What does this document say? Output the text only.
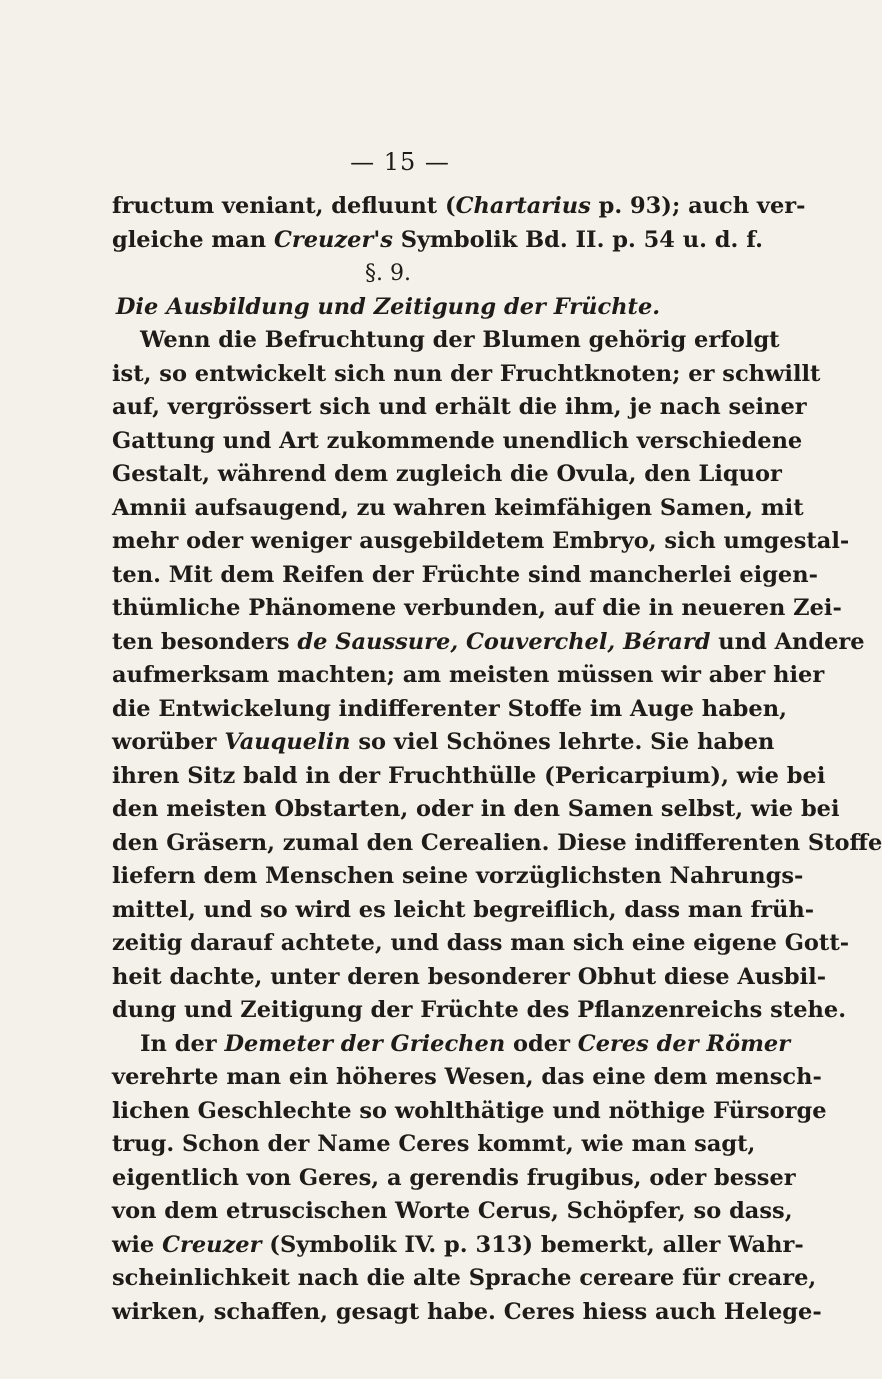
— 15 —
fructum veniant, defluunt (Chartarius p. 93); auch ver-
gleiche man Creuzer's Symbolik Bd. II. p. 54 u. d. f.
§. 9.
Die Ausbildung und Zeitigung der Früchte.
Wenn die Befruchtung der Blumen gehörig erfolgt
ist, so entwickelt sich nun der Fruchtknoten; er schwillt
auf, vergrössert sich und erhält die ihm, je nach seiner
Gattung und Art zukommende unendlich verschiedene
Gestalt, während dem zugleich die Ovula, den Liquor
Amnii aufsaugend, zu wahren keimfähigen Samen, mit
mehr oder weniger ausgebildetem Embryo, sich umgestal-
ten. Mit dem Reifen der Früchte sind mancherlei eigen-
thümliche Phänomene verbunden, auf die in neueren Zei-
ten besonders de Saussure, Couverchel, Bérard und Andere
aufmerksam machten; am meisten müssen wir aber hier
die Entwickelung indifferenter Stoffe im Auge haben,
worüber Vauquelin so viel Schönes lehrte. Sie haben
ihren Sitz bald in der Fruchthülle (Pericarpium), wie bei
den meisten Obstarten, oder in den Samen selbst, wie bei
den Gräsern, zumal den Cerealien. Diese indifferenten Stoffe
liefern dem Menschen seine vorzüglichsten Nahrungs-
mittel, und so wird es leicht begreiflich, dass man früh-
zeitig darauf achtete, und dass man sich eine eigene Gott-
heit dachte, unter deren besonderer Obhut diese Ausbil-
dung und Zeitigung der Früchte des Pflanzenreichs stehe.
In der Demeter der Griechen oder Ceres der Römer
verehrte man ein höheres Wesen, das eine dem mensch-
lichen Geschlechte so wohlthätige und nöthige Fürsorge
trug. Schon der Name Ceres kommt, wie man sagt,
eigentlich von Geres, a gerendis frugibus, oder besser
von dem etruscischen Worte Cerus, Schöpfer, so dass,
wie Creuzer (Symbolik IV. p. 313) bemerkt, aller Wahr-
scheinlichkeit nach die alte Sprache cereare für creare,
wirken, schaffen, gesagt habe. Ceres hiess auch Helege-
